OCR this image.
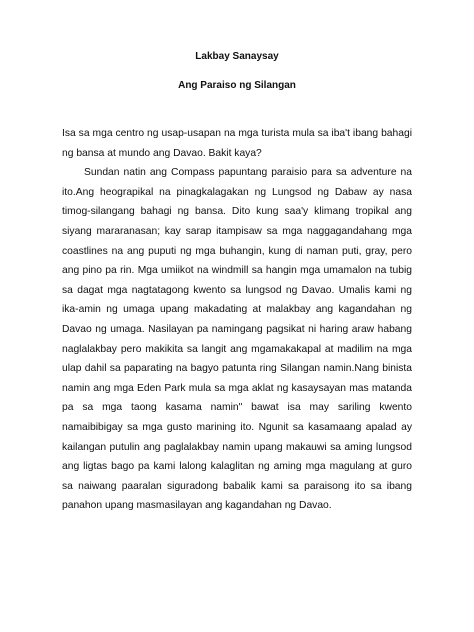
Lakbay Sanaysay
Ang Paraiso ng Silangan

Isa sa mga centro ng usap-usapan na mga turista mula sa iba't ibang bahagi ng bansa at mundo ang Davao. Bakit kaya?

Sundan natin ang Compass papuntang paraisio para sa adventure na ito.Ang heograpikal na pinagkalagakan ng Lungsod ng Dabaw ay nasa timog-silangang bahagi ng bansa. Dito kung saa'y klimang tropikal ang siyang mararanasan; kay sarap itampisaw sa mga naggagandahang mga coastlines na ang puputi ng mga buhangin, kung di naman puti, gray, pero ang pino pa rin. Mga umiikot na windmill sa hangin mga umamalon na tubig sa dagat mga nagtatagong kwento sa lungsod ng Davao. Umalis kami ng ika-amin ng umaga upang makadating at malakbay ang kagandahan ng Davao ng umaga. Nasilayan pa namingang pagsikat ni haring araw habang naglalakbay pero makikita sa langit ang mgamakakapal at madilim na mga ulap dahil sa paparating na bagyo patunta ring Silangan namin.Nang binista namin ang mga Eden Park mula sa mga aklat ng kasaysayan mas matanda pa sa mga taong kasama namin" bawat isa may sariling kwento namaibibigay sa mga gusto marining ito. Ngunit sa kasamaang apalad ay kailangan putulin ang paglalakbay namin upang makauwi sa aming lungsod ang ligtas bago pa kami lalong kalaglitan ng aming mga magulang at guro sa naiwang paaralan siguradong babalik kami sa paraisong ito sa ibang panahon upang masmasilayan ang kagandahan ng Davao.
